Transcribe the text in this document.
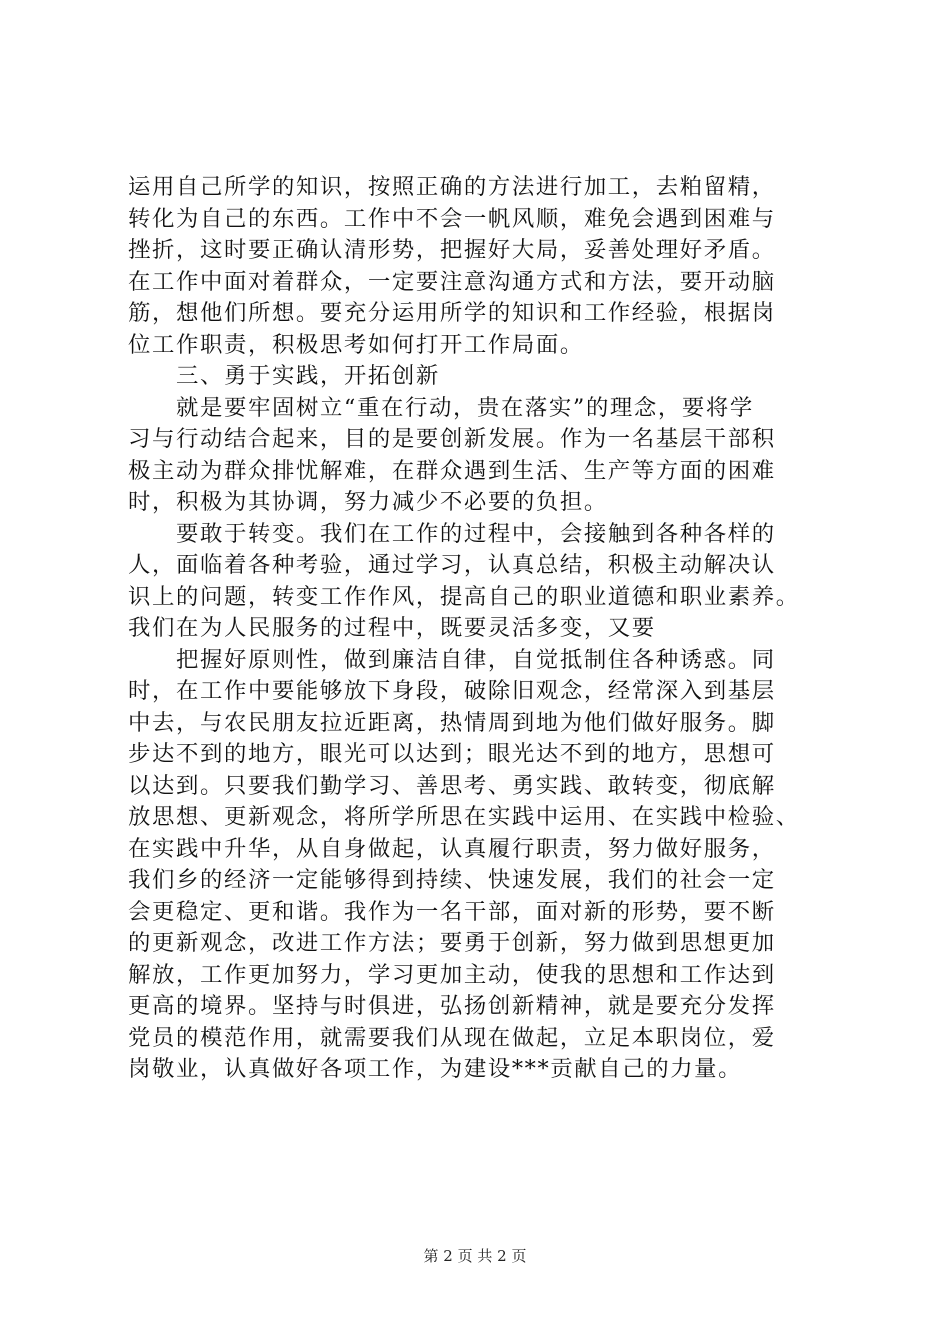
运用自己所学的知识，按照正确的方法进行加工，去粕留精，
转化为自己的东西。工作中不会一帆风顺，难免会遇到困难与
挫折，这时要正确认清形势，把握好大局，妥善处理好矛盾。
在工作中面对着群众，一定要注意沟通方式和方法，要开动脑
筋，想他们所想。要充分运用所学的知识和工作经验，根据岗
位工作职责，积极思考如何打开工作局面。
三、勇于实践，开拓创新
就是要牢固树立“重在行动，贵在落实”的理念，要将学
习与行动结合起来，目的是要创新发展。作为一名基层干部积
极主动为群众排忧解难，在群众遇到生活、生产等方面的困难
时，积极为其协调，努力减少不必要的负担。
要敢于转变。我们在工作的过程中，会接触到各种各样的
人，面临着各种考验，通过学习，认真总结，积极主动解决认
识上的问题，转变工作作风，提高自己的职业道德和职业素养。
我们在为人民服务的过程中，既要灵活多变，又要
把握好原则性，做到廉洁自律，自觉抵制住各种诱惑。同
时，在工作中要能够放下身段，破除旧观念，经常深入到基层
中去，与农民朋友拉近距离，热情周到地为他们做好服务。脚
步达不到的地方，眼光可以达到；眼光达不到的地方，思想可
以达到。只要我们勤学习、善思考、勇实践、敢转变，彻底解
放思想、更新观念，将所学所思在实践中运用、在实践中检验、
在实践中升华，从自身做起，认真履行职责，努力做好服务，
我们乡的经济一定能够得到持续、快速发展，我们的社会一定
会更稳定、更和谐。我作为一名干部，面对新的形势，要不断
的更新观念，改进工作方法；要勇于创新，努力做到思想更加
解放，工作更加努力，学习更加主动，使我的思想和工作达到
更高的境界。坚持与时俱进，弘扬创新精神，就是要充分发挥
党员的模范作用，就需要我们从现在做起，立足本职岗位，爱
岗敬业，认真做好各项工作，为建设***贡献自己的力量。
第 2 页 共 2 页
